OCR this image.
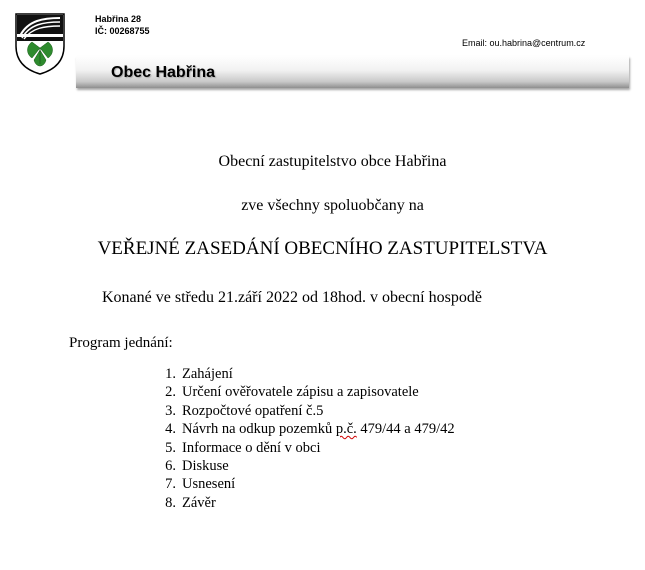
Habřina 28
IČ: 00268755
Email: ou.habrina@centrum.cz
Obec Habřina
Obecní zastupitelstvo obce Habřina
zve všechny spoluobčany na
VEŘEJNÉ ZASEDÁNÍ OBECNÍHO ZASTUPITELSTVA
Konané ve středu 21.září 2022 od 18hod. v obecní hospodě
Program jednání:
1. Zahájení
2. Určení ověřovatele zápisu a zapisovatele
3. Rozpočtové opatření č.5
4. Návrh na odkup pozemků p.č. 479/44 a 479/42
5. Informace o dění v obci
6. Diskuse
7. Usnesení
8. Závěr
